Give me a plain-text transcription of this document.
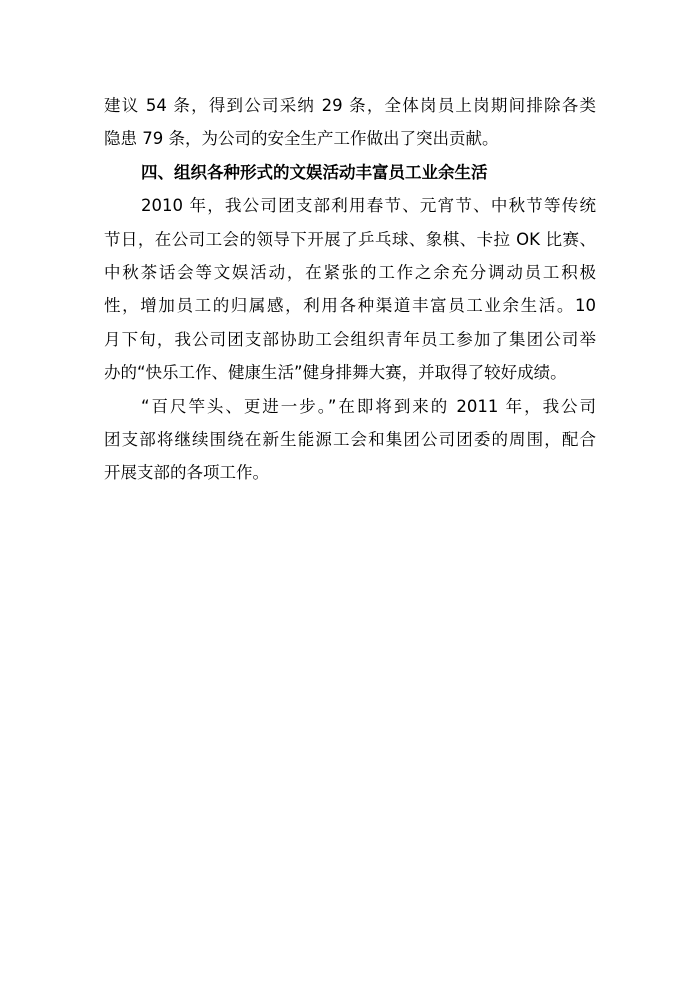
建议 54 条，得到公司采纳 29 条，全体岗员上岗期间排除各类
隐患 79 条，为公司的安全生产工作做出了突出贡献。
四、组织各种形式的文娱活动丰富员工业余生活
2010 年，我公司团支部利用春节、元宵节、中秋节等传统
节日，在公司工会的领导下开展了乒乓球、象棋、卡拉 OK 比赛、
中秋茶话会等文娱活动，在紧张的工作之余充分调动员工积极
性，增加员工的归属感，利用各种渠道丰富员工业余生活。10
月下旬，我公司团支部协助工会组织青年员工参加了集团公司举
办的“快乐工作、健康生活”健身排舞大赛，并取得了较好成绩。
“百尺竿头、更进一步。”在即将到来的 2011 年，我公司
团支部将继续围绕在新生能源工会和集团公司团委的周围，配合
开展支部的各项工作。
